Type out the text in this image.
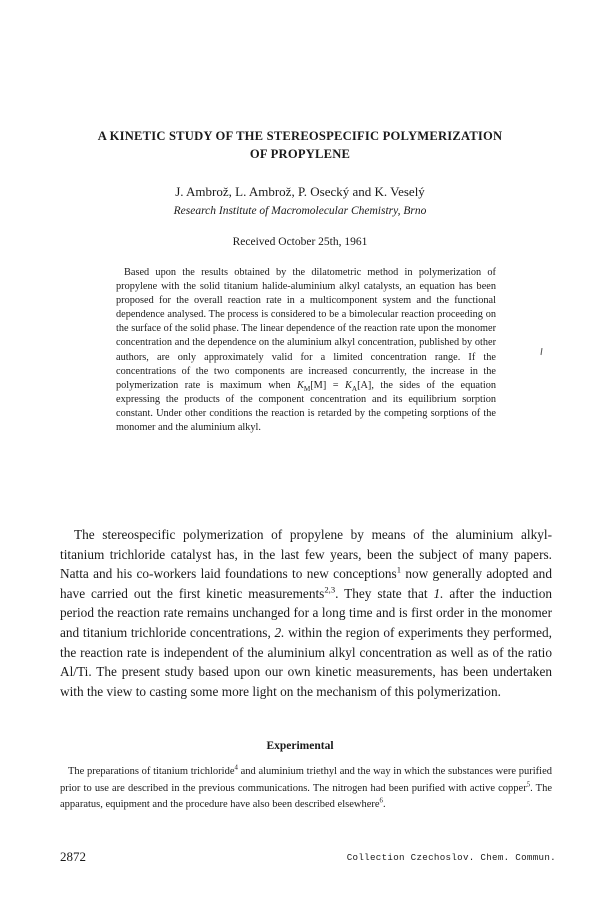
A KINETIC STUDY OF THE STEREOSPECIFIC POLYMERIZATION
OF PROPYLENE
J. Ambrož, L. Ambrož, P. Osecký and K. Veselý
Research Institute of Macromolecular Chemistry, Brno
Received October 25th, 1961

Based upon the results obtained by the dilatometric method in polymerization of propylene with the solid titanium halide-aluminium alkyl catalysts, an equation has been proposed for the overall reaction rate in a multicomponent system and the functional dependence analysed. The process is considered to be a bimolecular reaction proceeding on the surface of the solid phase. The linear dependence of the reaction rate upon the monomer concentration and the dependence on the aluminium alkyl concentration, published by other authors, are only approximately valid for a limited concentration range. If the concentrations of the two components are increased concurrently, the increase in the polymerization rate is maximum when $K_M[M] = K_A[A]$, the sides of the equation expressing the products of the component concentration and its equilibrium sorption constant. Under other conditions the reaction is retarded by the competing sorptions of the monomer and the aluminium alkyl.

The stereospecific polymerization of propylene by means of the aluminium alkyl-titanium trichloride catalyst has, in the last few years, been the subject of many papers. Natta and his co-workers laid foundations to new conceptions$^1$ now generally adopted and have carried out the first kinetic measurements$^{2,3}$. They state that 1. after the induction period the reaction rate remains unchanged for a long time and is first order in the monomer and titanium trichloride concentrations, 2. within the region of experiments they performed, the reaction rate is independent of the aluminium alkyl concentration as well as of the ratio Al/Ti. The present study based upon our own kinetic measurements, has been undertaken with the view to casting some more light on the mechanism of this polymerization.

Experimental

The preparations of titanium trichloride$^4$ and aluminium triethyl and the way in which the substances were purified prior to use are described in the previous communications. The nitrogen had been purified with active copper$^5$. The apparatus, equipment and the procedure have also been described elsewhere$^6$.

2872	Collection Czechoslov. Chem. Commun.
